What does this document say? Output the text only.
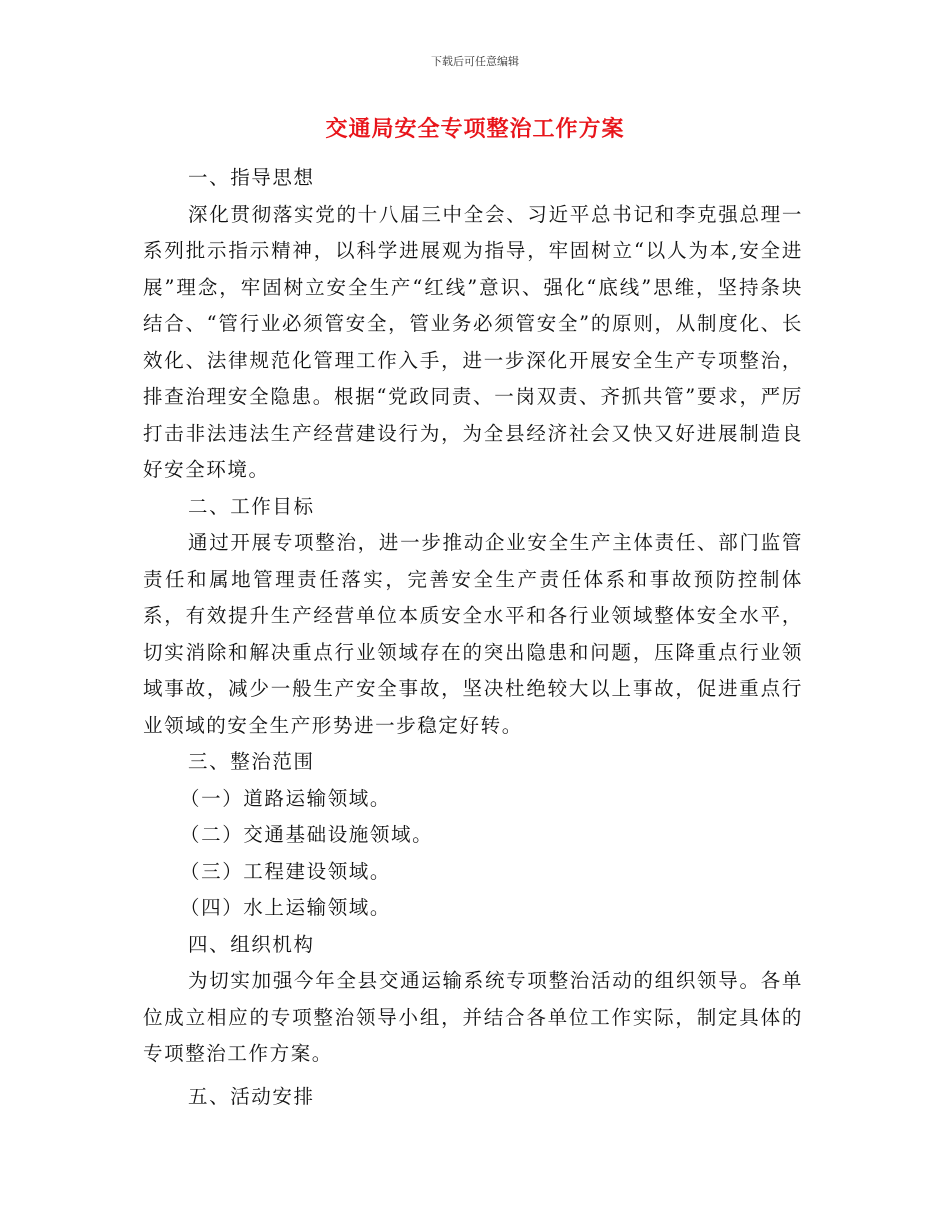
下载后可任意编辑
交通局安全专项整治工作方案

一、指导思想

深化贯彻落实党的十八届三中全会、习近平总书记和李克强总理一系列批示指示精神，以科学进展观为指导，牢固树立“以人为本,安全进展”理念，牢固树立安全生产“红线”意识、强化“底线”思维，坚持条块结合、“管行业必须管安全，管业务必须管安全”的原则，从制度化、长效化、法律规范化管理工作入手，进一步深化开展安全生产专项整治，排查治理安全隐患。根据“党政同责、一岗双责、齐抓共管”要求，严厉打击非法违法生产经营建设行为，为全县经济社会又快又好进展制造良好安全环境。

二、工作目标

通过开展专项整治，进一步推动企业安全生产主体责任、部门监管责任和属地管理责任落实，完善安全生产责任体系和事故预防控制体系，有效提升生产经营单位本质安全水平和各行业领域整体安全水平，切实消除和解决重点行业领域存在的突出隐患和问题，压降重点行业领域事故，减少一般生产安全事故，坚决杜绝较大以上事故，促进重点行业领域的安全生产形势进一步稳定好转。

三、整治范围

（一）道路运输领域。

（二）交通基础设施领域。

（三）工程建设领域。

（四）水上运输领域。

四、组织机构

为切实加强今年全县交通运输系统专项整治活动的组织领导。各单位成立相应的专项整治领导小组，并结合各单位工作实际，制定具体的专项整治工作方案。

五、活动安排
